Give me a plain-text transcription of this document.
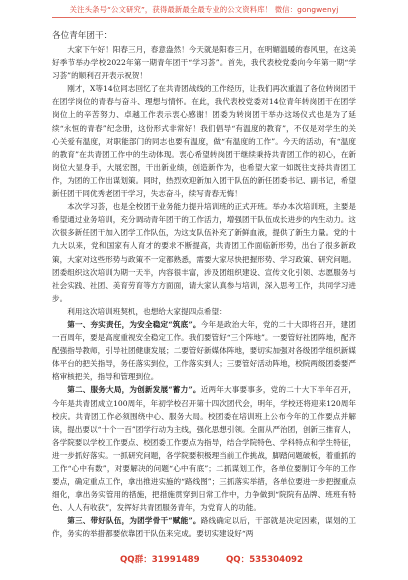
关注头条号“公文研究”，获得最新最全最专业的公文资料库！ 微信：gongwenyj

各位青年团干：

大家下午好！阳春三月，春意盎然！今天就是阳春三月，在明媚温暖的春风里，在这美好季节举办学校2022年第一期青年团干“学习荟”。首先，我代表校党委向今年第一期“学习荟”的顺利召开表示祝贺！

刚才，X等14位同志回忆了在共青团战线的工作经历，让我们再次重温了各位转岗团干在团学岗位的青春与奋斗、理想与情怀。在此，我代表校党委对14位青年转岗团干在团学岗位上的辛苦努力、卓越工作表示衷心感谢！团委为转岗团干举办这场仪式也是为了延续“永恒的青春”纪念册，这份形式非常好！我们倡导“有温度的教育”，不仅是对学生的关心关爱有温度，对职能部门的同志也要有温度，做“有温度的工作”。今天的活动，有“温度的教育”在共青团工作中的生动体现。衷心希望转岗团干继续秉持共青团工作的初心，在新岗位大显身手，大展宏图，干出新业绩，创造新作为，也希望大家一如既往支持共青团工作，为团的工作出谋划策。同时，热烈欢迎新加入团干队伍的新任团委书记、副书记，希望新任团干同优秀老团干学习，失志奋斗，续写青春无悔！

本次学习荟，也是全校团干业务能力提升培训班的正式开班。举办本次培训班，主要是希望通过业务培训，充分调动青年团干的工作活力，增强团干队伍成长进步的内生动力。这次很多新任团干加入团学工作队伍，为这支队伍补充了新鲜血液，提供了新生力量。党的十九大以来，党和国家有人育才的要求不断提高，共青团工作面临新形势，出台了很多新政策，大家对这些形势与政策不一定都熟悉，需要大家尽快把握形势、学习政策、研究问题。团委组织这次培训为期一天半，内容很丰富，涉及团组织建设、宣传文化引领、志愿服务与社会实践、社团、美育劳育等方方面面，请大家认真参与培训，深入思考工作，共同学习进步。

利用这次培训班契机，也想给大家提四点希望：

第一、夯实责任，为安全稳定“筑底”。今年是政治大年，党的二十大即将召开，建团一百周年，要是高度重视安全稳定工作。我们要管好“三个阵地”。一要管好社团阵地，配齐配强指导教师，引导社团健康发展；二要管好新媒体阵地，要切实加强对各级团学组织新媒体平台的把关指导，务任落实到位，工作落实到人；三要管好活动阵地，校院两级团委要严格审核把关，指导和管理到位。

第二、服务大局，为创新发展“蓄力”。近两年大事要事多，党的二十大下半年召开，今年是共青团成立100周年，年初学校召开第十四次团代会，明年，学校还将迎来120周年校庆。共青团工作必须围绕中心、服务大局。校团委在培训班上公布今年的工作要点并解读，提出要以“十个一百”团学行动为主线，强化思想引领。全面从严治团，创新三推育人，各学院要以学校工作要点、校团委工作要点为指导，结合学院特色、学科特点和学生特征，进一步抓好落实。一抓研究问题，各学院要积极理当前工作挑战，脚踏问题破板，着重抓的工作“心中有数”，对要解决的问题“心中有底”；二抓谋划工作，各单位要制订今年的工作要点，确定重点工作，拿出推进实施的“路线图”；三抓落实举措，各单位要进一步把握重点细化，拿出务实管用的措施，把措施贯穿到日常工作中，力争做到“院院有品牌、班班有特色、人人有收获”，发挥好共青团服务青年，为党育人的功能。

第三、带好队伍，为团学骨干“赋能”。路线确定以后，干部就是决定因素，谋划的工作，务实的举措都要依靠团干队伍来完成。要切实建设好“两

QQ群：31991489	QQ：535304092
